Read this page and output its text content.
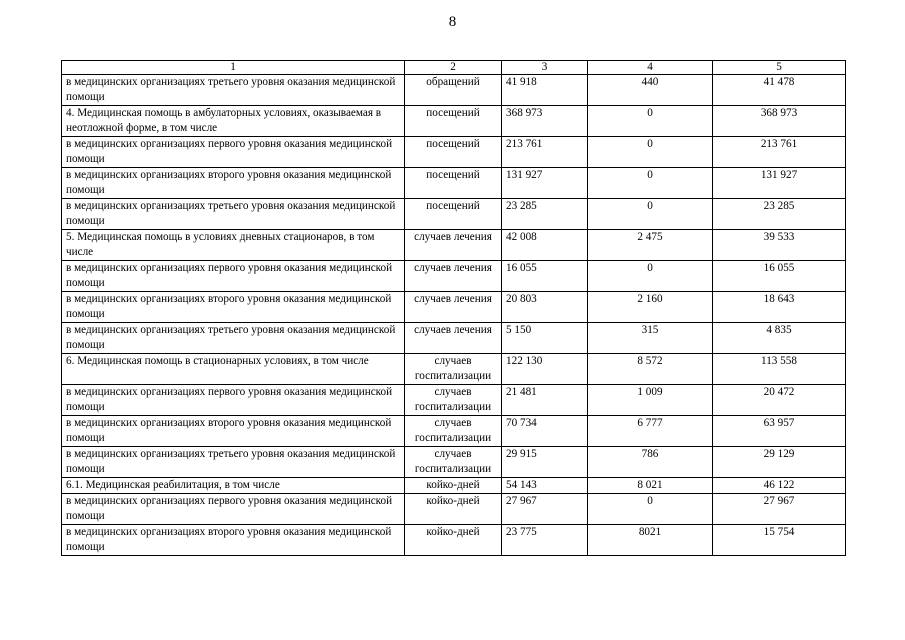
8
1	2	3	4	5
в медицинских организациях третьего уровня оказания медицинской помощи	обращений	41 918	440	41 478
4. Медицинская помощь в амбулаторных условиях, оказываемая в неотложной форме, в том числе	посещений	368 973	0	368 973
в медицинских организациях первого уровня оказания медицинской помощи	посещений	213 761	0	213 761
в медицинских организациях второго уровня оказания медицинской помощи	посещений	131 927	0	131 927
в медицинских организациях третьего уровня оказания медицинской помощи	посещений	23 285	0	23 285
5. Медицинская помощь в условиях дневных стационаров, в том числе	случаев лечения	42 008	2 475	39 533
в медицинских организациях первого уровня оказания медицинской помощи	случаев лечения	16 055	0	16 055
в медицинских организациях второго уровня оказания медицинской помощи	случаев лечения	20 803	2 160	18 643
в медицинских организациях третьего уровня оказания медицинской помощи	случаев лечения	5 150	315	4 835
6. Медицинская помощь в стационарных условиях, в том числе	случаев госпитализации	122 130	8 572	113 558
в медицинских организациях первого уровня оказания медицинской помощи	случаев госпитализации	21 481	1 009	20 472
в медицинских организациях второго уровня оказания медицинской помощи	случаев госпитализации	70 734	6 777	63 957
в медицинских организациях третьего уровня оказания медицинской помощи	случаев госпитализации	29 915	786	29 129
6.1. Медицинская реабилитация, в том числе	койко-дней	54 143	8 021	46 122
в медицинских организациях первого уровня оказания медицинской помощи	койко-дней	27 967	0	27 967
в медицинских организациях второго уровня оказания медицинской помощи	койко-дней	23 775	8021	15 754
